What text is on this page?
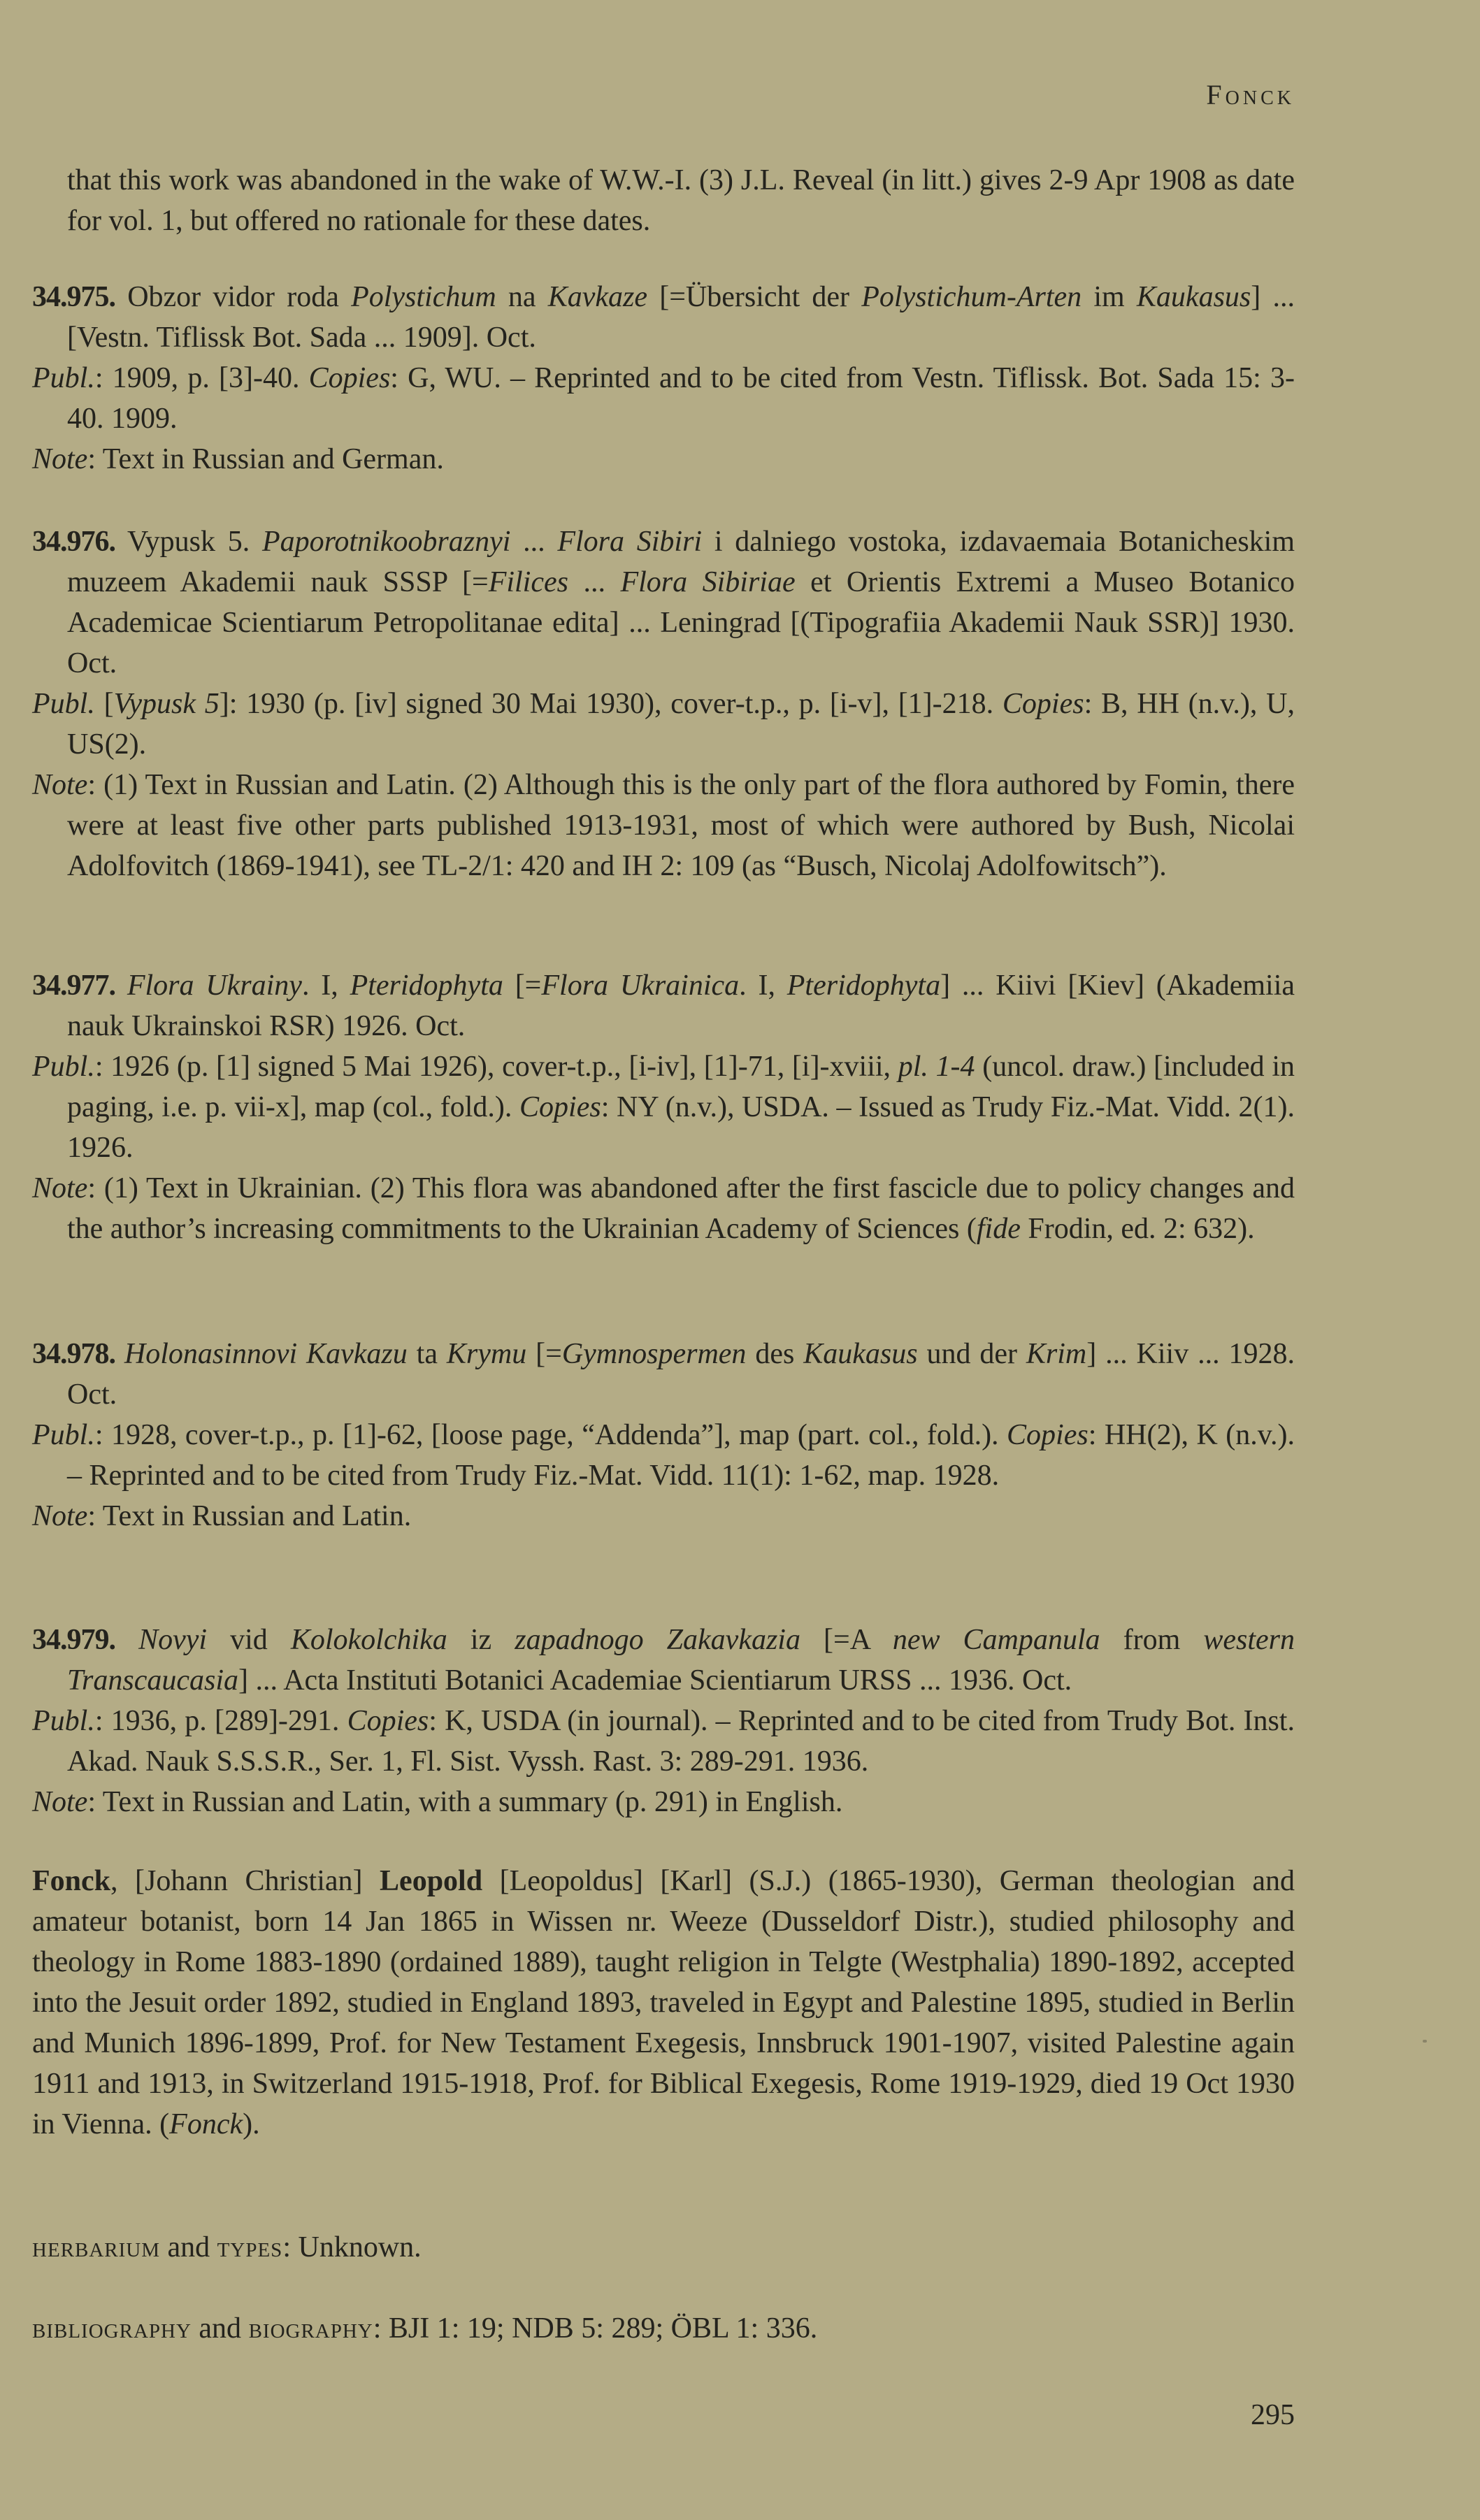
Fonck

that this work was abandoned in the wake of W.W.-I. (3) J.L. Reveal (in litt.) gives 2-9 Apr 1908 as date for vol. 1, but offered no rationale for these dates.

34.975. Obzor vidor roda Polystichum na Kavkaze [=Übersicht der Polystichum-Arten im Kaukasus] ... [Vestn. Tiflissk Bot. Sada ... 1909]. Oct.

Publ.: 1909, p. [3]-40. Copies: G, WU. – Reprinted and to be cited from Vestn. Tiflissk. Bot. Sada 15: 3-40. 1909.

Note: Text in Russian and German.

34.976. Vypusk 5. Paporotnikoobraznyi ... Flora Sibiri i dalniego vostoka, izdavaemaia Botanicheskim muzeem Akademii nauk SSSP [=Filices ... Flora Sibiriae et Orientis Extremi a Museo Botanico Academicae Scientiarum Petropolitanae edita] ... Leningrad [(Tipografiia Akademii Nauk SSR)] 1930. Oct.

Publ. [Vypusk 5]: 1930 (p. [iv] signed 30 Mai 1930), cover-t.p., p. [i-v], [1]-218. Copies: B, HH (n.v.), U, US(2).

Note: (1) Text in Russian and Latin. (2) Although this is the only part of the flora authored by Fomin, there were at least five other parts published 1913-1931, most of which were authored by Bush, Nicolai Adolfovitch (1869-1941), see TL-2/1: 420 and IH 2: 109 (as “Busch, Nicolaj Adolfowitsch”).

34.977. Flora Ukrainy. I, Pteridophyta [=Flora Ukrainica. I, Pteridophyta] ... Kiivi [Kiev] (Akademiia nauk Ukrainskoi RSR) 1926. Oct.

Publ.: 1926 (p. [1] signed 5 Mai 1926), cover-t.p., [i-iv], [1]-71, [i]-xviii, pl. 1-4 (uncol. draw.) [included in paging, i.e. p. vii-x], map (col., fold.). Copies: NY (n.v.), USDA. – Issued as Trudy Fiz.-Mat. Vidd. 2(1). 1926.

Note: (1) Text in Ukrainian. (2) This flora was abandoned after the first fascicle due to policy changes and the author’s increasing commitments to the Ukrainian Academy of Sciences (fide Frodin, ed. 2: 632).

34.978. Holonasinnovi Kavkazu ta Krymu [=Gymnospermen des Kaukasus und der Krim] ... Kiiv ... 1928. Oct.

Publ.: 1928, cover-t.p., p. [1]-62, [loose page, “Addenda”], map (part. col., fold.). Copies: HH(2), K (n.v.). – Reprinted and to be cited from Trudy Fiz.-Mat. Vidd. 11(1): 1-62, map. 1928.

Note: Text in Russian and Latin.

34.979. Novyi vid Kolokolchika iz zapadnogo Zakavkazia [=A new Campanula from western Transcaucasia] ... Acta Instituti Botanici Academiae Scientiarum URSS ... 1936. Oct.

Publ.: 1936, p. [289]-291. Copies: K, USDA (in journal). – Reprinted and to be cited from Trudy Bot. Inst. Akad. Nauk S.S.S.R., Ser. 1, Fl. Sist. Vyssh. Rast. 3: 289-291. 1936.

Note: Text in Russian and Latin, with a summary (p. 291) in English.

Fonck, [Johann Christian] Leopold [Leopoldus] [Karl] (S.J.) (1865-1930), German theologian and amateur botanist, born 14 Jan 1865 in Wissen nr. Weeze (Dusseldorf Distr.), studied philosophy and theology in Rome 1883-1890 (ordained 1889), taught religion in Telgte (Westphalia) 1890-1892, accepted into the Jesuit order 1892, studied in England 1893, traveled in Egypt and Palestine 1895, studied in Berlin and Munich 1896-1899, Prof. for New Testament Exegesis, Innsbruck 1901-1907, visited Palestine again 1911 and 1913, in Switzerland 1915-1918, Prof. for Biblical Exegesis, Rome 1919-1929, died 19 Oct 1930 in Vienna. (Fonck).

herbarium and types: Unknown.

bibliography and biography: BJI 1: 19; NDB 5: 289; ÖBL 1: 336.

295
